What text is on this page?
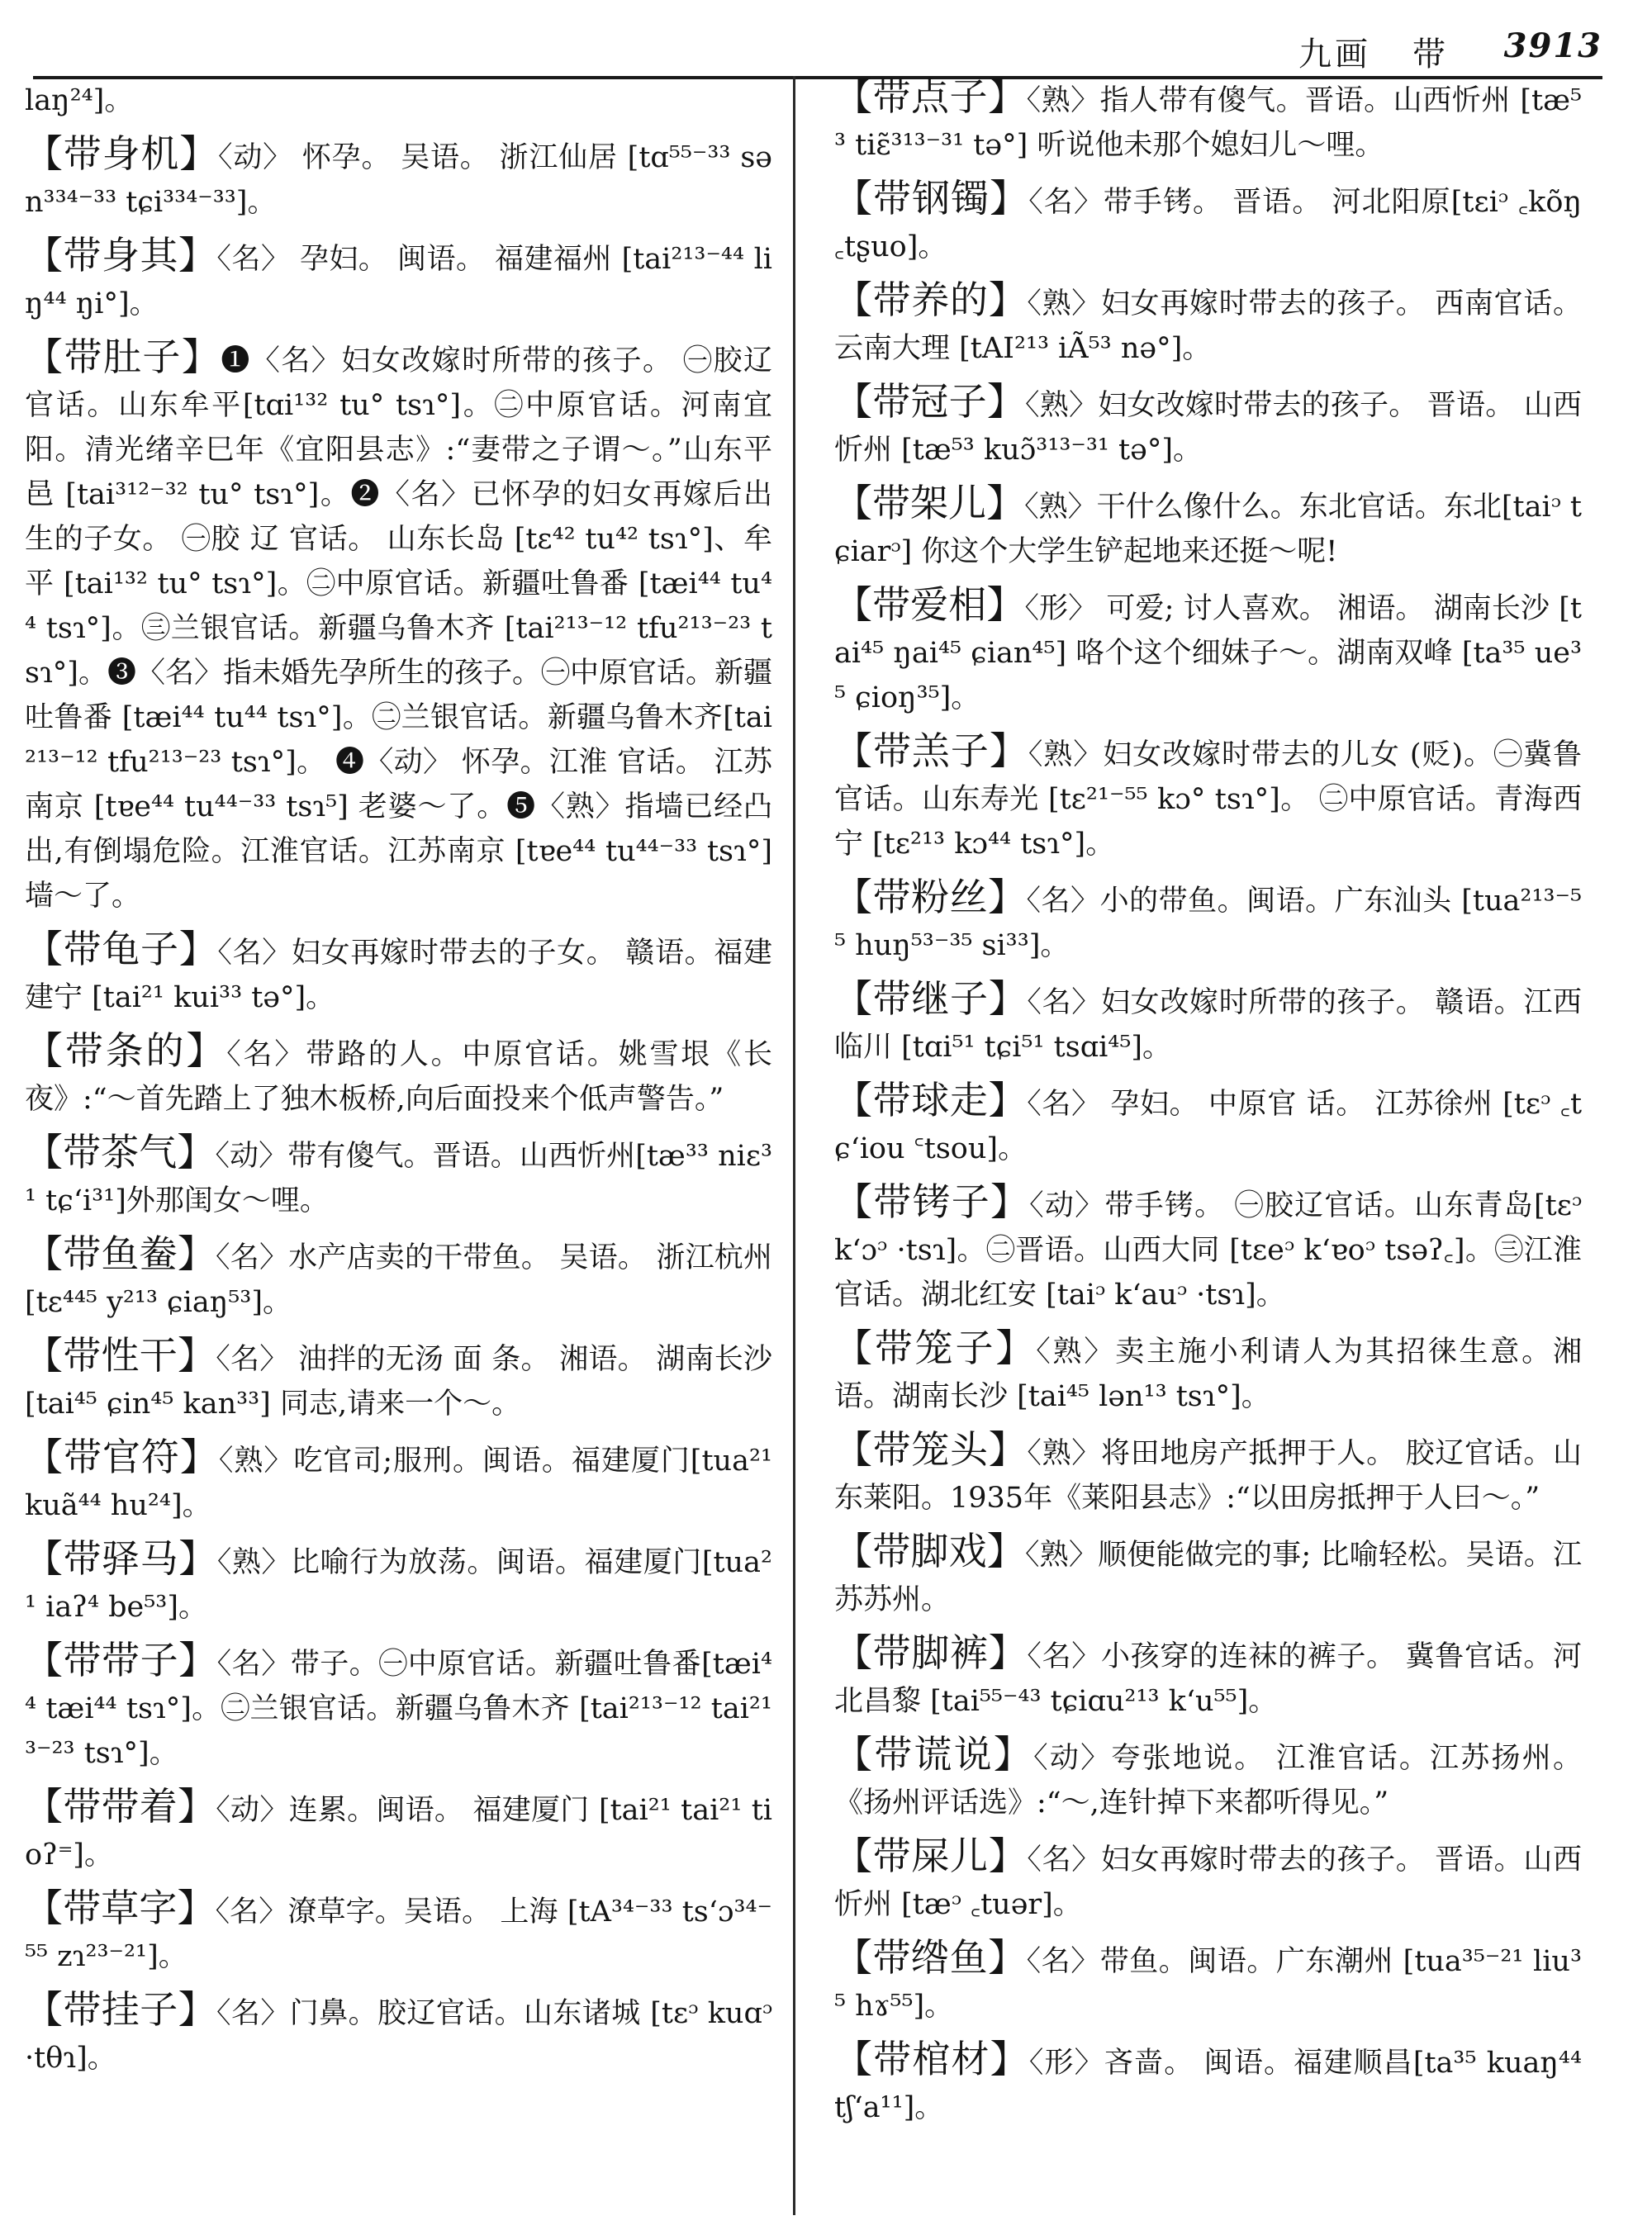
九画 带 3913
laŋ²⁴]。
【带身机】〈动〉 怀孕。 吴语。 浙江仙居 [tɑ⁵⁵⁻³³ sən³³⁴⁻³³ tɕi³³⁴⁻³³]。
【带身其】〈名〉 孕妇。 闽语。 福建福州 [tai²¹³⁻⁴⁴ liŋ⁴⁴ ŋi°]。
【带肚子】❶〈名〉妇女改嫁时所带的孩子。 ㊀胶辽官话。山东牟平[tɑi¹³² tu° tsɿ°]。㊁中原官话。河南宜阳。清光绪辛巳年《宜阳县志》:“妻带之子谓～。”山东平邑 [tai³¹²⁻³² tu° tsɿ°]。❷〈名〉已怀孕的妇女再嫁后出生的子女。 ㊀胶 辽 官话。 山东长岛 [tɛ⁴² tu⁴² tsɿ°]、牟平 [tai¹³² tu° tsɿ°]。㊁中原官话。新疆吐鲁番 [tæi⁴⁴ tu⁴⁴ tsɿ°]。㊂兰银官话。新疆乌鲁木齐 [tai²¹³⁻¹² tfu²¹³⁻²³ tsɿ°]。❸〈名〉指未婚先孕所生的孩子。㊀中原官话。新疆吐鲁番 [tæi⁴⁴ tu⁴⁴ tsɿ°]。㊁兰银官话。新疆乌鲁木齐[tai²¹³⁻¹² tfu²¹³⁻²³ tsɿ°]。 ❹〈动〉 怀孕。江淮 官话。 江苏南京 [tɐe⁴⁴ tu⁴⁴⁻³³ tsɿ⁵] 老婆～了。❺〈熟〉指墙已经凸出,有倒塌危险。江淮官话。江苏南京 [tɐe⁴⁴ tu⁴⁴⁻³³ tsɿ°] 墙～了。
【带龟子】〈名〉妇女再嫁时带去的子女。 赣语。福建建宁 [tai²¹ kui³³ tə°]。
【带条的】〈名〉带路的人。中原官话。姚雪垠《长夜》:“～首先踏上了独木板桥,向后面投来个低声警告。”
【带茶气】〈动〉带有傻气。晋语。山西忻州[tæ³³ niɛ³¹ tɕ‘i³¹]外那闺女～哩。
【带鱼鲞】〈名〉水产店卖的干带鱼。 吴语。 浙江杭州 [tɛ⁴⁴⁵ y²¹³ ɕiaŋ⁵³]。
【带性干】〈名〉 油拌的无汤 面 条。 湘语。 湖南长沙 [tai⁴⁵ ɕin⁴⁵ kan³³] 同志,请来一个～。
【带官符】〈熟〉吃官司;服刑。闽语。福建厦门[tua²¹ kuã⁴⁴ hu²⁴]。
【带驿马】〈熟〉比喻行为放荡。闽语。福建厦门[tua²¹ iaʔ⁴ be⁵³]。
【带带子】〈名〉带子。㊀中原官话。新疆吐鲁番[tæi⁴⁴ tæi⁴⁴ tsɿ°]。㊁兰银官话。新疆乌鲁木齐 [tai²¹³⁻¹² tai²¹³⁻²³ tsɿ°]。
【带带着】〈动〉连累。闽语。 福建厦门 [tai²¹ tai²¹ tioʔ⁼]。
【带草字】〈名〉潦草字。吴语。 上海 [tA³⁴⁻³³ ts‘ɔ³⁴⁻⁵⁵ zɿ²³⁻²¹]。
【带挂子】〈名〉门鼻。胶辽官话。山东诸城 [tɛᵓ kuɑᵓ ·tθɿ]。
【带点子】〈熟〉指人带有傻气。晋语。山西忻州 [tæ⁵³ tiɛ̃³¹³⁻³¹ tə°] 听说他未那个媳妇儿～哩。
【带钢镯】〈名〉带手铐。 晋语。 河北阳原[tɛiᵓ ꜀kõŋ ꜀tʂuo]。
【带养的】〈熟〉妇女再嫁时带去的孩子。 西南官话。云南大理 [tAI²¹³ iÃ⁵³ nə°]。
【带冠子】〈熟〉妇女改嫁时带去的孩子。 晋语。 山西忻州 [tæ⁵³ kuɔ̃³¹³⁻³¹ tə°]。
【带架儿】〈熟〉干什么像什么。东北官话。东北[taiᵓ tɕiarᵓ] 你这个大学生铲起地来还挺～呢!
【带爱相】〈形〉 可爱; 讨人喜欢。 湘语。 湖南长沙 [tai⁴⁵ ŋai⁴⁵ ɕian⁴⁵] 咯个这个细妹子～。湖南双峰 [ta³⁵ ue³⁵ ɕioŋ³⁵]。
【带羔子】〈熟〉妇女改嫁时带去的儿女 (贬)。㊀冀鲁官话。山东寿光 [tɛ²¹⁻⁵⁵ kɔ° tsɿ°]。 ㊁中原官话。青海西宁 [tɛ²¹³ kɔ⁴⁴ tsɿ°]。
【带粉丝】〈名〉小的带鱼。闽语。广东汕头 [tua²¹³⁻⁵⁵ huŋ⁵³⁻³⁵ si³³]。
【带继子】〈名〉妇女改嫁时所带的孩子。 赣语。江西临川 [tɑi⁵¹ tɕi⁵¹ tsɑi⁴⁵]。
【带球走】〈名〉 孕妇。 中原官 话。 江苏徐州 [tɛᵓ ꜀tɕ‘iou ꜂tsou]。
【带铐子】〈动〉带手铐。 ㊀胶辽官话。山东青岛[tɛᵓ k‘ɔᵓ ·tsɿ]。㊁晋语。山西大同 [tɛeᵓ k‘ɐoᵓ tsəʔ꜀]。㊂江淮官话。湖北红安 [taiᵓ k‘auᵓ ·tsɿ]。
【带笼子】〈熟〉卖主施小利请人为其招徕生意。湘语。湖南长沙 [tai⁴⁵ lən¹³ tsɿ°]。
【带笼头】〈熟〉将田地房产抵押于人。 胶辽官话。山东莱阳。1935年《莱阳县志》:“以田房抵押于人曰～。”
【带脚戏】〈熟〉顺便能做完的事; 比喻轻松。吴语。江苏苏州。
【带脚裤】〈名〉小孩穿的连袜的裤子。 冀鲁官话。河北昌黎 [tai⁵⁵⁻⁴³ tɕiɑu²¹³ k‘u⁵⁵]。
【带谎说】〈动〉夸张地说。 江淮官话。江苏扬州。《扬州评话选》:“～,连针掉下来都听得见。”
【带屎儿】〈名〉妇女再嫁时带去的孩子。 晋语。山西忻州 [tæᵓ ꜀tuər]。
【带绺鱼】〈名〉带鱼。闽语。广东潮州 [tua³⁵⁻²¹ liu³⁵ hɤ⁵⁵]。
【带棺材】〈形〉吝啬。 闽语。福建顺昌[ta³⁵ kuaŋ⁴⁴ tʃ‘a¹¹]。
